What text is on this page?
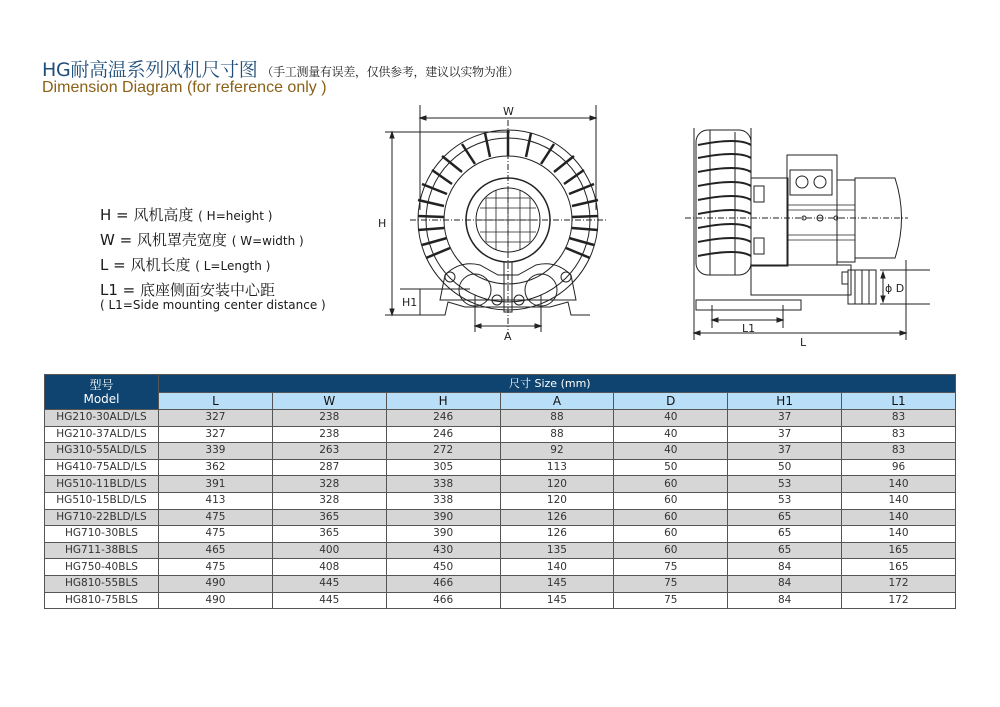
HG耐高温系列风机尺寸图 （手工测量有误差，仅供参考，建议以实物为准）
Dimension Diagram (for reference only )
H = 风机高度 ( H=height )
W = 风机罩壳宽度 ( W=width )
L = 风机长度 ( L=Length )
L1 = 底座侧面安装中心距
( L1=Side mounting center distance )
W
H
H1
A
ϕ D
L1
L
型号
Model	尺寸 Size (mm)						
	L	W	H	A	D	H1	L1
HG210-30ALD/LS	327	238	246	88	40	37	83
HG210-37ALD/LS	327	238	246	88	40	37	83
HG310-55ALD/LS	339	263	272	92	40	37	83
HG410-75ALD/LS	362	287	305	113	50	50	96
HG510-11BLD/LS	391	328	338	120	60	53	140
HG510-15BLD/LS	413	328	338	120	60	53	140
HG710-22BLD/LS	475	365	390	126	60	65	140
HG710-30BLS	475	365	390	126	60	65	140
HG711-38BLS	465	400	430	135	60	65	165
HG750-40BLS	475	408	450	140	75	84	165
HG810-55BLS	490	445	466	145	75	84	172
HG810-75BLS	490	445	466	145	75	84	172
